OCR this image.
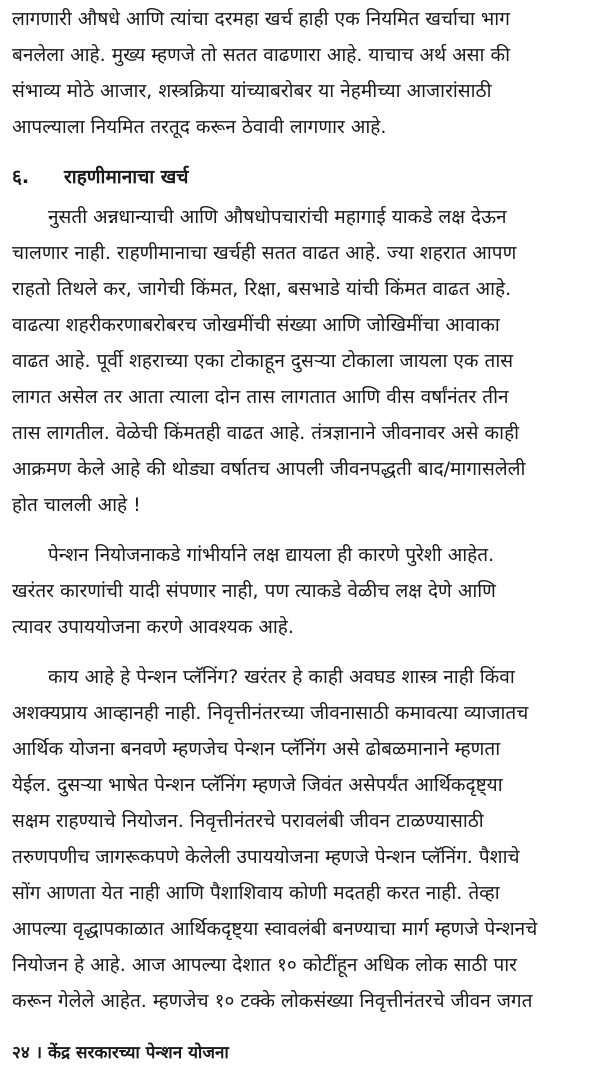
लागणारी औषधे आणि त्यांचा दरमहा खर्च हाही एक नियमित खर्चाचा भाग
बनलेला आहे. मुख्य म्हणजे तो सतत वाढणारा आहे. याचाच अर्थ असा की
संभाव्य मोठे आजार, शस्त्रक्रिया यांच्याबरोबर या नेहमीच्या आजारांसाठी
आपल्याला नियमित तरतूद करून ठेवावी लागणार आहे.
६. राहणीमानाचा खर्च
नुसती अन्नधान्याची आणि औषधोपचारांची महागाई याकडे लक्ष देऊन
चालणार नाही. राहणीमानाचा खर्चही सतत वाढत आहे. ज्या शहरात आपण
राहतो तिथले कर, जागेची किंमत, रिक्षा, बसभाडे यांची किंमत वाढत आहे.
वाढत्या शहरीकरणाबरोबरच जोखमींची संख्या आणि जोखिमींचा आवाका
वाढत आहे. पूर्वी शहराच्या एका टोकाहून दुसऱ्या टोकाला जायला एक तास
लागत असेल तर आता त्याला दोन तास लागतात आणि वीस वर्षांनंतर तीन
तास लागतील. वेळेची किंमतही वाढत आहे. तंत्रज्ञानाने जीवनावर असे काही
आक्रमण केले आहे की थोड्या वर्षातच आपली जीवनपद्धती बाद/मागासलेली
होत चालली आहे !
पेन्शन नियोजनाकडे गांभीर्याने लक्ष द्यायला ही कारणे पुरेशी आहेत.
खरंतर कारणांची यादी संपणार नाही, पण त्याकडे वेळीच लक्ष देणे आणि
त्यावर उपाययोजना करणे आवश्यक आहे.
काय आहे हे पेन्शन प्लॅनिंग? खरंतर हे काही अवघड शास्त्र नाही किंवा
अशक्यप्राय आव्हानही नाही. निवृत्तीनंतरच्या जीवनासाठी कमावत्या व्याजातच
आर्थिक योजना बनवणे म्हणजेच पेन्शन प्लॅनिंग असे ढोबळमानाने म्हणता
येईल. दुसऱ्या भाषेत पेन्शन प्लॅनिंग म्हणजे जिवंत असेपर्यंत आर्थिकदृष्ट्या
सक्षम राहण्याचे नियोजन. निवृत्तीनंतरचे परावलंबी जीवन टाळण्यासाठी
तरुणपणीच जागरूकपणे केलेली उपाययोजना म्हणजे पेन्शन प्लॅनिंग. पैशाचे
सोंग आणता येत नाही आणि पैशाशिवाय कोणी मदतही करत नाही. तेव्हा
आपल्या वृद्धापकाळात आर्थिकदृष्ट्या स्वावलंबी बनण्याचा मार्ग म्हणजे पेन्शनचे
नियोजन हे आहे. आज आपल्या देशात १० कोटींहून अधिक लोक साठी पार
करून गेलेले आहेत. म्हणजेच १० टक्के लोकसंख्या निवृत्तीनंतरचे जीवन जगत
२४ । केंद्र सरकारच्या पेन्शन योजना
